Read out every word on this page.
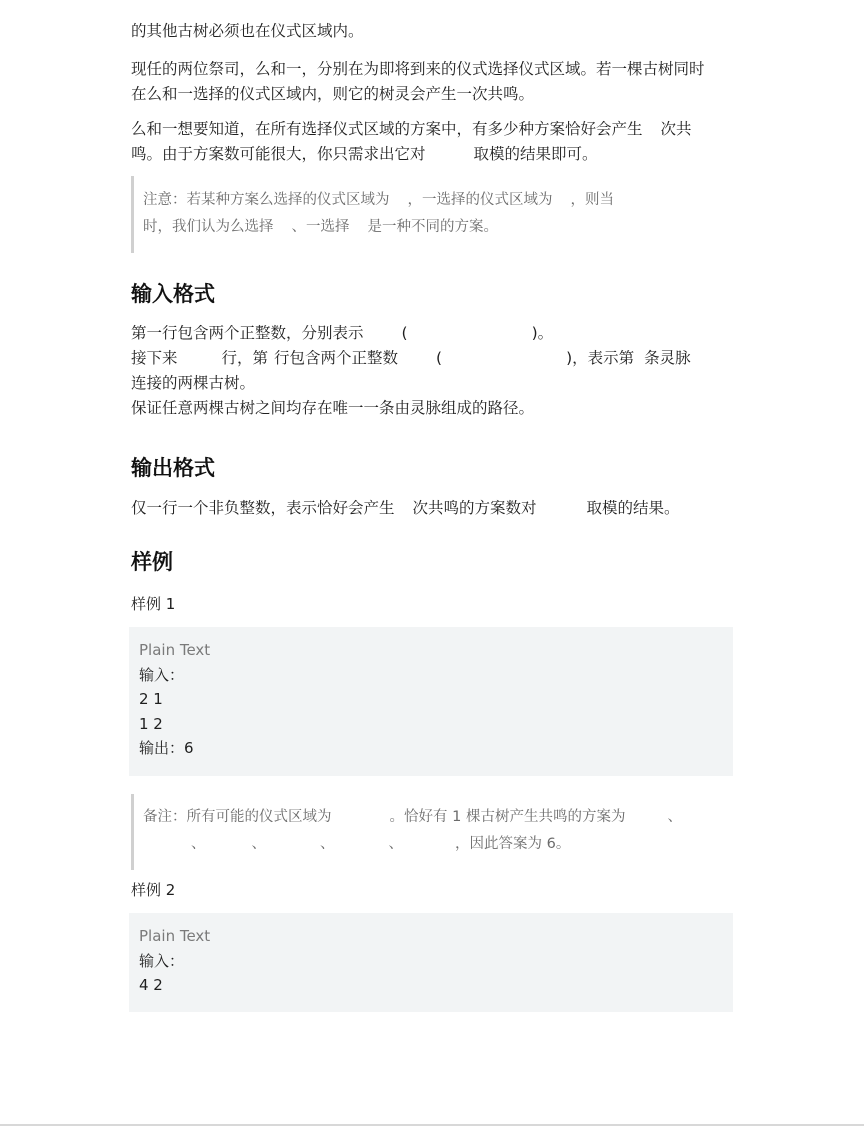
的其他古树必须也在仪式区域内。

现任的两位祭司，么和一，分别在为即将到来的仪式选择仪式区域。若一棵古树同时

在么和一选择的仪式区域内，则它的树灵会产生一次共鸣。

么和一想要知道，在所有选择仪式区域的方案中，有多少种方案恰好会产生 次共

鸣。由于方案数可能很大，你只需求出它对	取模的结果即可。

注意：若某种方案么选择的仪式区域为 ，一选择的仪式区域为 ，则当

时，我们认为么选择 、一选择 是一种不同的方案。

输入格式

第一行包含两个正整数，分别表示 (	)。

接下来	行，第 行包含两个正整数 (	)，表示第 条灵脉

连接的两棵古树。

保证任意两棵古树之间均存在唯一一条由灵脉组成的路径。

输出格式

仅一行一个非负整数，表示恰好会产生 次共鸣的方案数对	取模的结果。

样例
样例 1
Plain Text
输入：
2 1
1 2
输出：6

备注：所有可能的仪式区域为	。恰好有 1 棵古树产生共鸣的方案为	、

、	、	、	、	，因此答案为 6。

样例 2
Plain Text
输入：
4 2
